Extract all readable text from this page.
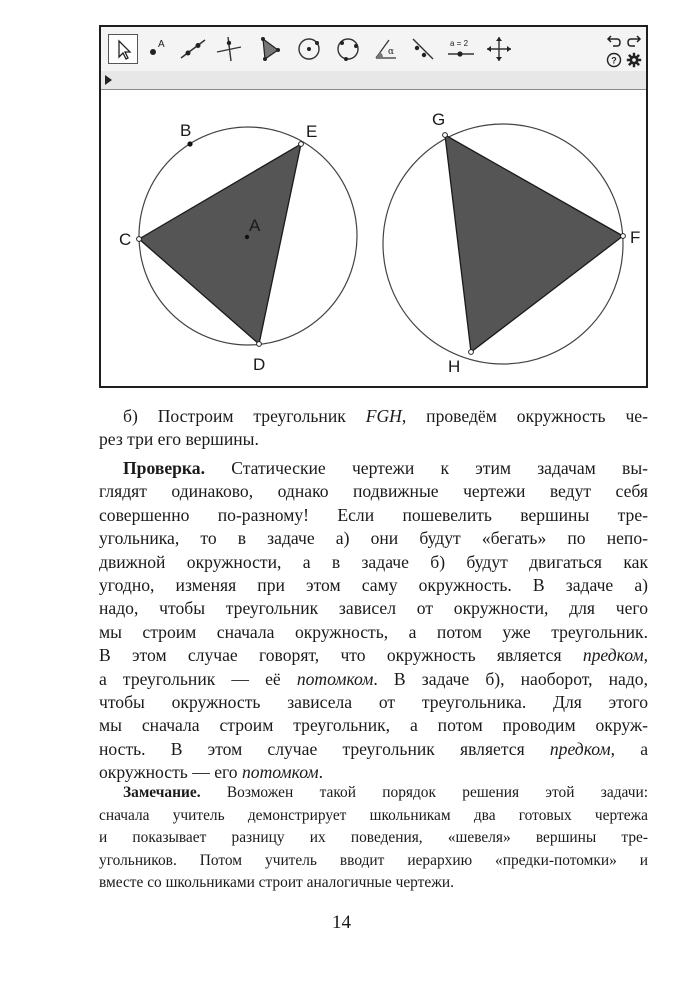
A
α
a = 2
?
B
A
C
E
D
G
F
H

б) Построим треугольник FGH, проведём окружность че-
рез три его вершины.

Проверка. Статические чертежи к этим задачам вы-
глядят одинаково, однако подвижные чертежи ведут себя
совершенно по-разному! Если пошевелить вершины тре-
угольника, то в задаче а) они будут «бегать» по непо-
движной окружности, а в задаче б) будут двигаться как
угодно, изменяя при этом саму окружность. В задаче а)
надо, чтобы треугольник зависел от окружности, для чего
мы строим сначала окружность, а потом уже треугольник.
В этом случае говорят, что окружность является предком,
а треугольник — её потомком. В задаче б), наоборот, надо,
чтобы окружность зависела от треугольника. Для этого
мы сначала строим треугольник, а потом проводим окруж-
ность. В этом случае треугольник является предком, а
окружность — его потомком.

Замечание. Возможен такой порядок решения этой задачи:
сначала учитель демонстрирует школьникам два готовых чертежа
и показывает разницу их поведения, «шевеля» вершины тре-
угольников. Потом учитель вводит иерархию «предки-потомки» и
вместе со школьниками строит аналогичные чертежи.

14
